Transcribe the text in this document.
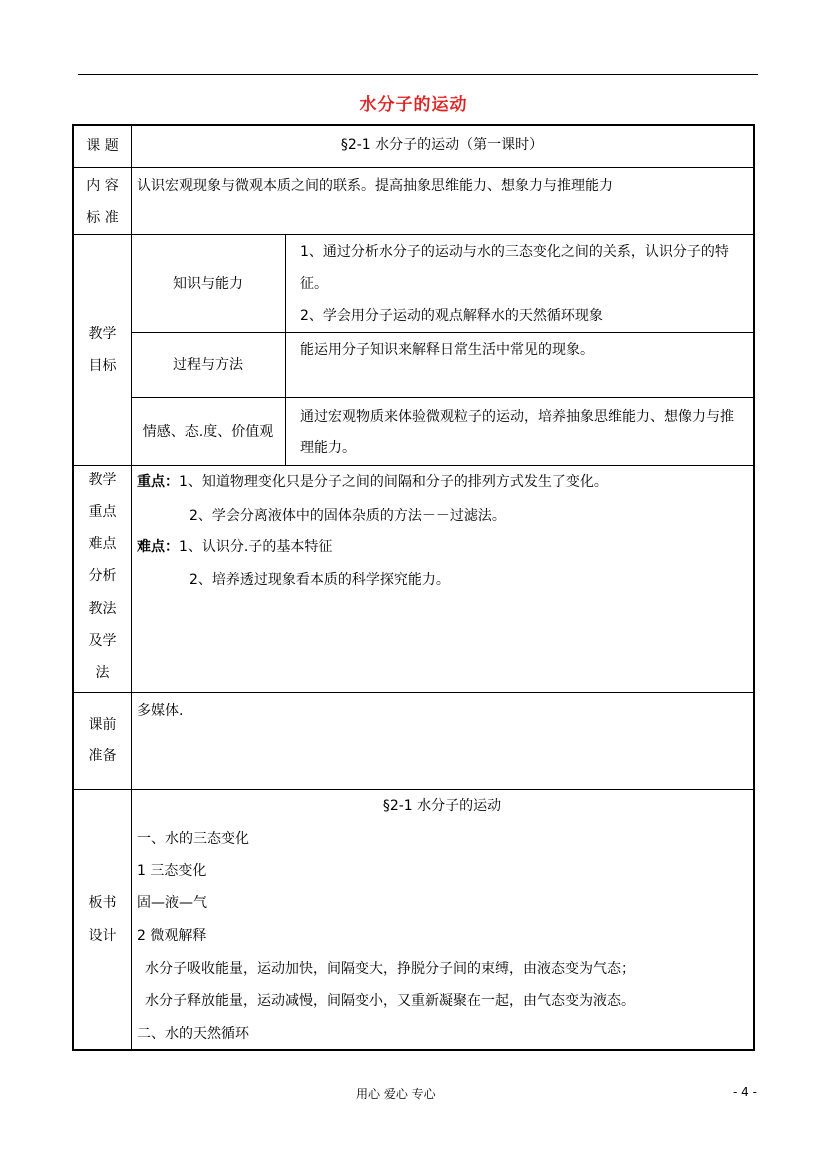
水分子的运动
课 题	§2-1 水分子的运动（第一课时）
内 容
标 准
认识宏观现象与微观本质之间的联系。提高抽象思维能力、想象力与推理能力
教学
目标
知识与能力
1、通过分析水分子的运动与水的三态变化之间的关系，认识分子的特
征。
2、学会用分子运动的观点解释水的天然循环现象
过程与方法
能运用分子知识来解释日常生活中常见的现象。
情感、态.度、价值观
通过宏观物质来体验微观粒子的运动，培养抽象思维能力、想像力与推
理能力。
教学
重点
难点
分析
教法
及学
法
重点：1、知道物理变化只是分子之间的间隔和分子的排列方式发生了变化。
2、学会分离液体中的固体杂质的方法－－过滤法。
难点：1、认识分.子的基本特征
2、培养透过现象看本质的科学探究能力。
课前
准备
多媒体.
板书
设计
§2-1 水分子的运动
一、水的三态变化
1 三态变化
固—液—气
2 微观解释
水分子吸收能量，运动加快，间隔变大，挣脱分子间的束缚，由液态变为气态；
水分子释放能量，运动减慢，间隔变小，又重新凝聚在一起，由气态变为液态。
二、水的天然循环
用心 爱心 专心	- 4 -
